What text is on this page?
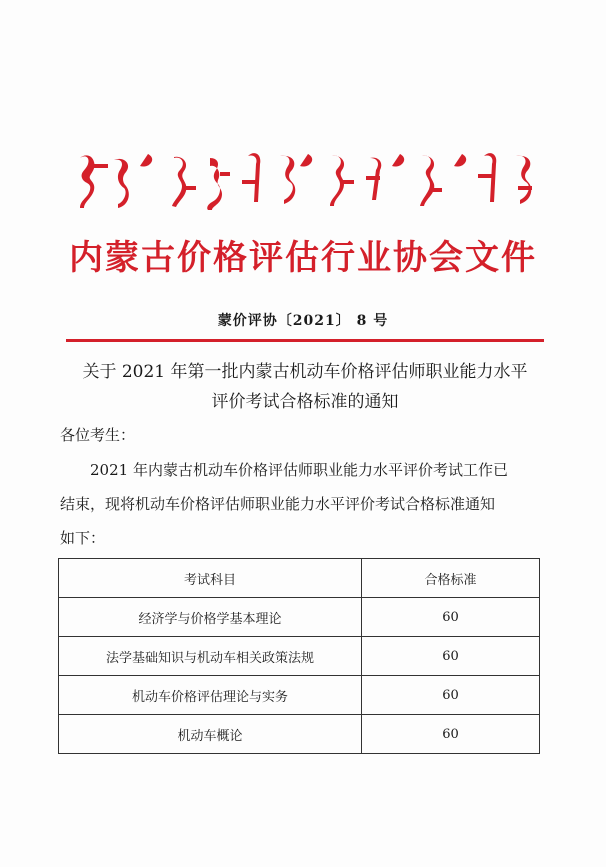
内蒙古价格评估行业协会文件
蒙价评协〔2021〕 8 号
关于 2021 年第一批内蒙古机动车价格评估师职业能力水平
评价考试合格标准的通知
各位考生：
2021 年内蒙古机动车价格评估师职业能力水平评价考试工作已
结束，现将机动车价格评估师职业能力水平评价考试合格标准通知
如下：
考试科目	合格标准
经济学与价格学基本理论	60
法学基础知识与机动车相关政策法规	60
机动车价格评估理论与实务	60
机动车概论	60
